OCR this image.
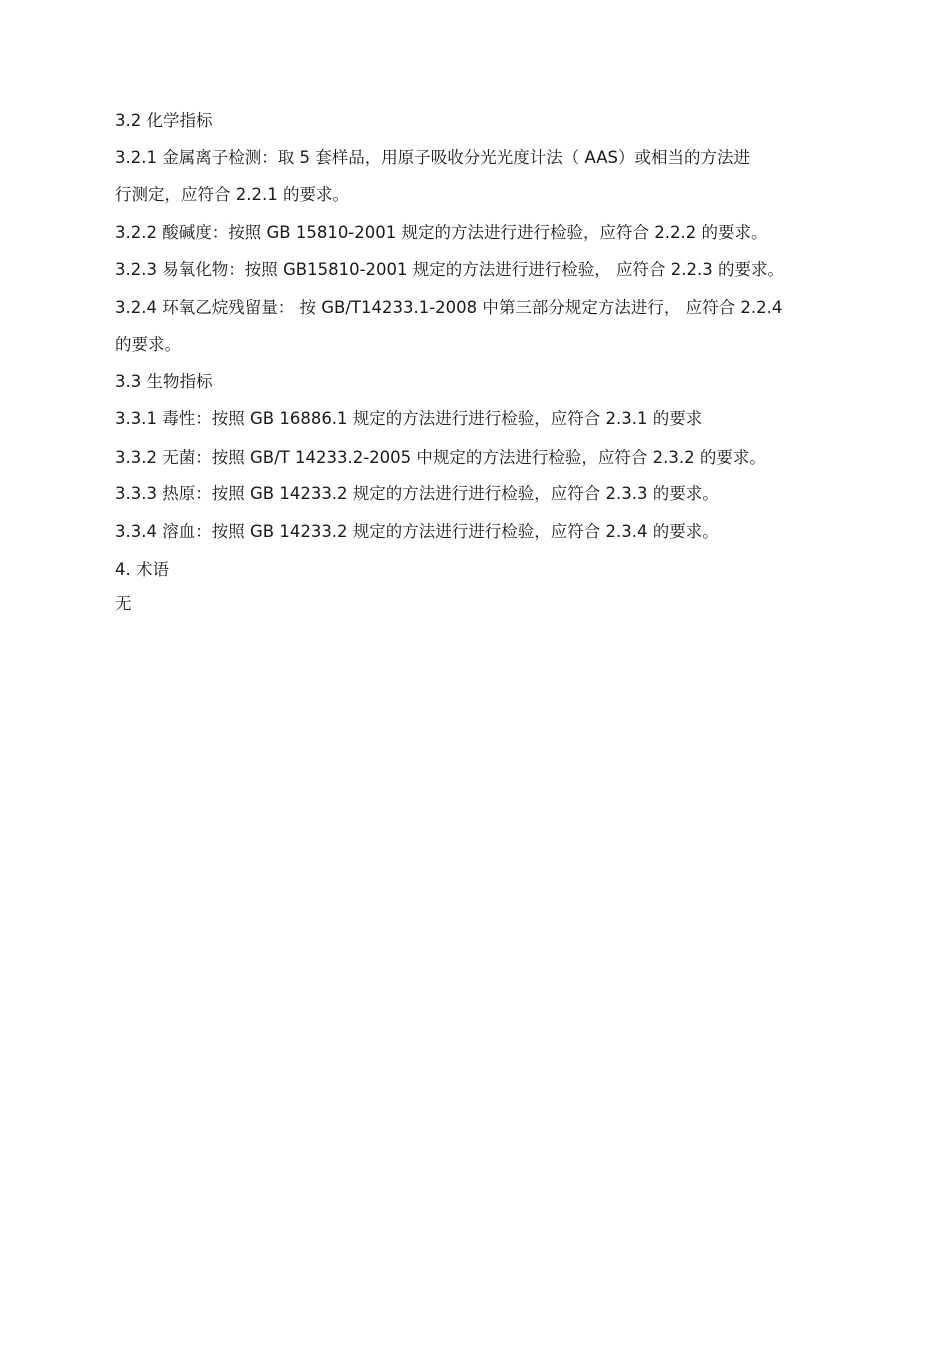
3.2 化学指标
3.2.1 金属离子检测：取 5 套样品，用原子吸收分光光度计法（ AAS）或相当的方法进
行测定，应符合 2.2.1 的要求。
3.2.2 酸碱度：按照 GB 15810-2001 规定的方法进行进行检验，应符合 2.2.2 的要求。
3.2.3 易氧化物：按照 GB15810-2001 规定的方法进行进行检验， 应符合 2.2.3 的要求。
3.2.4 环氧乙烷残留量： 按 GB/T14233.1-2008 中第三部分规定方法进行， 应符合 2.2.4
的要求。
3.3 生物指标
3.3.1 毒性：按照 GB 16886.1 规定的方法进行进行检验，应符合 2.3.1 的要求
3.3.2 无菌：按照 GB/T 14233.2-2005 中规定的方法进行检验，应符合 2.3.2 的要求。
3.3.3 热原：按照 GB 14233.2 规定的方法进行进行检验，应符合 2.3.3 的要求。
3.3.4 溶血：按照 GB 14233.2 规定的方法进行进行检验，应符合 2.3.4 的要求。
4. 术语
无
